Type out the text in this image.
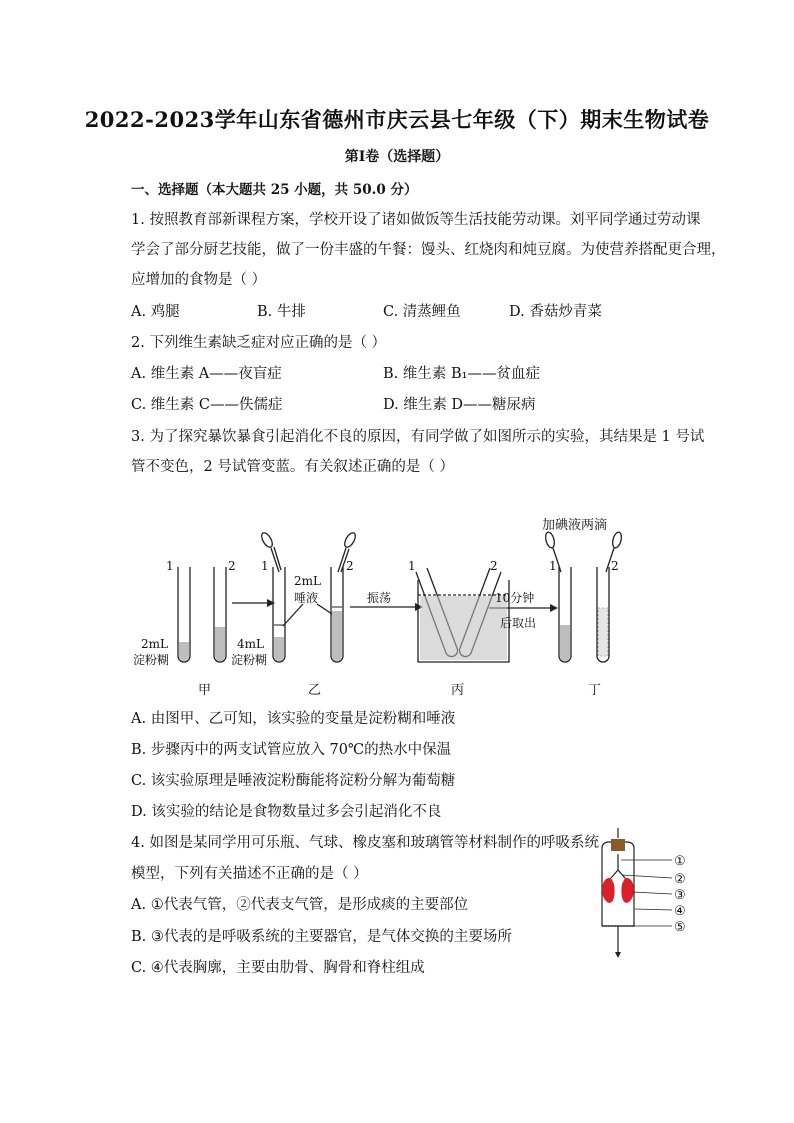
2022-2023学年山东省德州市庆云县七年级（下）期末生物试卷
第Ⅰ卷（选择题）
一、选择题（本大题共 25 小题，共 50.0 分）
1. 按照教育部新课程方案，学校开设了诸如做饭等生活技能劳动课。刘平同学通过劳动课
学会了部分厨艺技能，做了一份丰盛的午餐：馒头、红烧肉和炖豆腐。为使营养搭配更合理，
应增加的食物是（ ）
A. 鸡腿	B. 牛排	C. 清蒸鲤鱼	D. 香菇炒青菜
2. 下列维生素缺乏症对应正确的是（ ）
A. 维生素 A——夜盲症	B. 维生素 B₁——贫血症
C. 维生素 C——佚儒症	D. 维生素 D——糖尿病
3. 为了探究暴饮暴食引起消化不良的原因，有同学做了如图所示的实验，其结果是 1 号试
管不变色，2 号试管变蓝。有关叙述正确的是（ ）
1	2 1	2	1	2	1	2
2mL
淀粉糊
4mL
淀粉糊
2mL
唾液	振荡	10分钟
后取出
加碘液两滴
甲	乙	丙	丁
A. 由图甲、乙可知，该实验的变量是淀粉糊和唾液
B. 步骤丙中的两支试管应放入 70℃的热水中保温
C. 该实验原理是唾液淀粉酶能将淀粉分解为葡萄糖
D. 该实验的结论是食物数量过多会引起消化不良
4. 如图是某同学用可乐瓶、气球、橡皮塞和玻璃管等材料制作的呼吸系统
模型，下列有关描述不正确的是（ ）
A. ①代表气管，②代表支气管，是形成痰的主要部位
B. ③代表的是呼吸系统的主要器官，是气体交换的主要场所
C. ④代表胸廓，主要由肋骨、胸骨和脊柱组成
①
②
③
④
⑤
